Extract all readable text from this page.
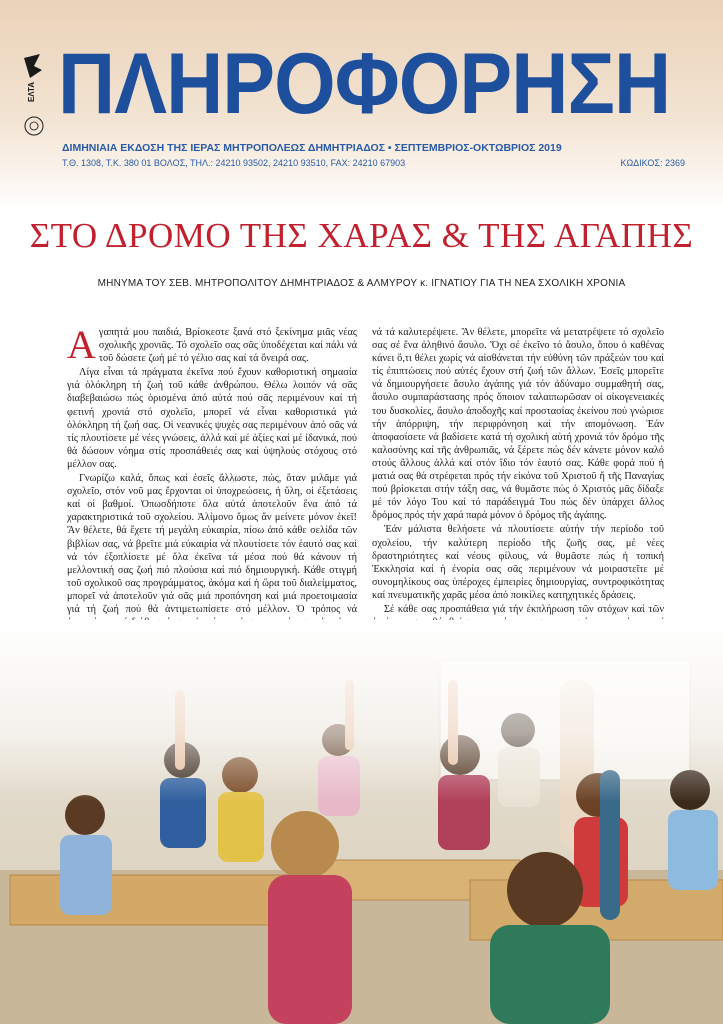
ΕΛΤΑ ΠΛΗΡΟΦΟΡΗΣΗ
ΔΙΜΗΝΙΑΙΑ ΕΚΔΟΣΗ ΤΗΣ ΙΕΡΑΣ ΜΗΤΡΟΠΟΛΕΩΣ ΔΗΜΗΤΡΙΑΔΟΣ • ΣΕΠΤΕΜΒΡΙΟΣ-ΟΚΤΩΒΡΙΟΣ 2019
Τ.Θ. 1308, Τ.Κ. 380 01 ΒΟΛΟΣ, ΤΗΛ.: 24210 93502, 24210 93510, FAX: 24210 67903	ΚΩΔΙΚΟΣ: 2369
ΣΤΟ ΔΡΟΜΟ ΤΗΣ ΧΑΡΑΣ & ΤΗΣ ΑΓΑΠΗΣ
ΜΗΝΥΜΑ ΤΟΥ ΣΕΒ. ΜΗΤΡΟΠΟΛΙΤΟΥ ΔΗΜΗΤΡΙΑΔΟΣ & ΑΛΜΥΡΟΥ κ. ΙΓΝΑΤΙΟΥ ΓΙΑ ΤΗ ΝΕΑ ΣΧΟΛΙΚΗ ΧΡΟΝΙΑ

Αγαπητά μου παιδιά, Βρίσκεστε ξανά στό ξεκίνημα μιᾶς νέας σχολικῆς χρονιᾶς. Τό σχολεῖο σας σᾶς ὑποδέχεται καί πάλι νά τοῦ δώσετε ζωή μέ τό γέλιο σας καί τά ὄνειρά σας.

Λίγα εἶναι τά πράγματα ἐκεῖνα πού ἔχουν καθοριστική σημασία γιά ὁλόκληρη τή ζωή τοῦ κάθε ἀνθρώπου. Θέλω λοιπόν νά σᾶς διαβεβαιώσω πώς ὁρισμένα ἀπό αὐτά πού σᾶς περιμένουν καί τή φετινή χρονιά στό σχολεῖο, μπορεῖ νά εἶναι καθοριστικά γιά ὁλόκληρη τή ζωή σας. Οἱ νεανικές ψυχές σας περιμένουν ἀπό σᾶς νά τίς πλουτίσετε μέ νέες γνώσεις, ἀλλά καί μέ ἀξίες καί μέ ἰδανικά, πού θά δώσουν νόημα στίς προσπάθειές σας καί ὑψηλούς στόχους στό μέλλον σας.

Γνωρίζω καλά, ὅπως καί ἐσεῖς ἄλλωστε, πώς, ὅταν μιλᾶμε γιά σχολεῖο, στόν νοῦ μας ἔρχονται οἱ ὑποχρεώσεις, ἡ ὕλη, οἱ ἐξετάσεις καί οἱ βαθμοί. Ὁπωσδήποτε ὅλα αὐτά ἀποτελοῦν ἕνα ἀπό τά χαρακτηριστικά τοῦ σχολείου. Ἀλίμονο ὅμως ἄν μείνετε μόνον ἐκεῖ! Ἄν θέλετε, θά ἔχετε τή μεγάλη εὐκαιρία, πίσω ἀπό κάθε σελίδα τῶν βιβλίων σας, νά βρεῖτε μιά εὐκαιρία νά πλουτίσετε τόν ἑαυτό σας καί νά τόν ἐξοπλίσετε μέ ὅλα ἐκεῖνα τά μέσα πού θά κάνουν τή μελλοντική σας ζωή πιό πλούσια καί πιό δημιουργική. Κάθε στιγμή τοῦ σχολικοῦ σας προγράμματος, ἀκόμα καί ἡ ὥρα τοῦ διαλείμματος, μπορεῖ νά ἀποτελοῦν γιά σᾶς μιά προπόνηση καί μιά προετοιμασία γιά τή ζωή πού θά ἀντιμετωπίσετε στό μέλλον. Ὁ τρόπος νά

νά τά καλυτερέψετε. Ἄν θέλετε, μπορεῖτε νά μετατρέψετε τό σχολεῖο σας σέ ἕνα ἀληθινό ἄσυλο. Ὄχι σέ ἐκεῖνο τό ἄσυλο, ὅπου ὁ καθένας κάνει ὅ,τι θέλει χωρίς νά αἰσθάνεται τήν εὐθύνη τῶν πράξεών του καί τίς ἐπιπτώσεις πού αὐτές ἔχουν στή ζωή τῶν ἄλλων. Ἐσεῖς μπορεῖτε νά δημιουργήσετε ἄσυλο ἀγάπης γιά τόν ἀδύναμο συμμαθητή σας, ἄσυλο συμπαράστασης πρός ὅποιον ταλαιπωρῶσαν οἱ οἰκογενειακές του δυσκολίες, ἄσυλο ἀποδοχῆς καί προστασίας ἐκείνου πού γνώρισε τήν ἀπόρριψη, τήν περιφρόνηση καί τήν απομόνωση. Ἐάν ἀποφασίσετε νά βαδίσετε κατά τή σχολική αὐτή χρονιά τόν δρόμο τῆς καλοσύνης καί τῆς ἀνθρωπιᾶς, νά ξέρετε πώς δέν κάνετε μόνον καλό στούς ἄλλους ἀλλά καί στόν ἴδιο τόν ἑαυτό σας. Κάθε φορά πού ἡ ματιά σας θά στρέφεται πρός τήν εἰκόνα τοῦ Χριστοῦ ἤ τῆς Παναγίας πού βρίσκεται στήν τάξη σας, νά θυμᾶστε πώς ὁ Χριστός μᾶς δίδαξε μέ τόν λόγο Του καί τό παράδειγμά Του πώς δέν ὑπάρχει ἄλλος δρόμος πρός τήν χαρά παρά μόνον ὁ δρόμος τῆς ἀγάπης.

Ἐάν μάλιστα θελήσετε νά πλουτίσετε αὐτήν τήν περίοδο τοῦ σχολείου, τήν καλύτερη περίοδο τῆς ζωῆς σας, μέ νέες δραστηριότητες καί νέους φίλους, νά θυμᾶστε πώς ἡ τοπική Ἐκκλησία καί ἡ ἐνορία σας σᾶς περιμένουν νά μοιραστεῖτε μέ συνομηλίκους σας ὑπέροχες ἐμπειρίες δημιουργίας, συντροφικότητας καί πνευματικῆς χαρᾶς μέσα ἀπό ποικίλες κατηχητικές δράσεις.

Σέ κάθε σας προσπάθεια γιά τήν ἐκπλήρωση τῶν στόχων καί τῶν
